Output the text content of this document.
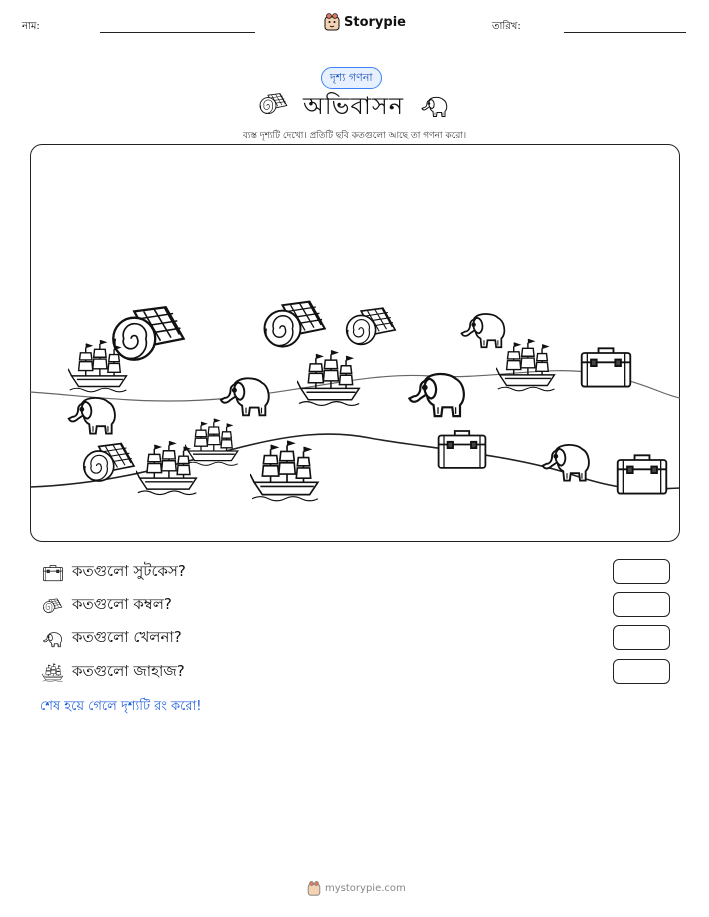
নাম:	Storypie	তারিখ:
দৃশ্য গণনা
অভিবাসন
ব্যস্ত দৃশ্যটি দেখো। প্রতিটি ছবি কতগুলো আছে তা গণনা করো।
কতগুলো সুটকেস?
কতগুলো কম্বল?
কতগুলো খেলনা?
কতগুলো জাহাজ?
শেষ হয়ে গেলে দৃশ্যটি রং করো!
mystorypie.com
